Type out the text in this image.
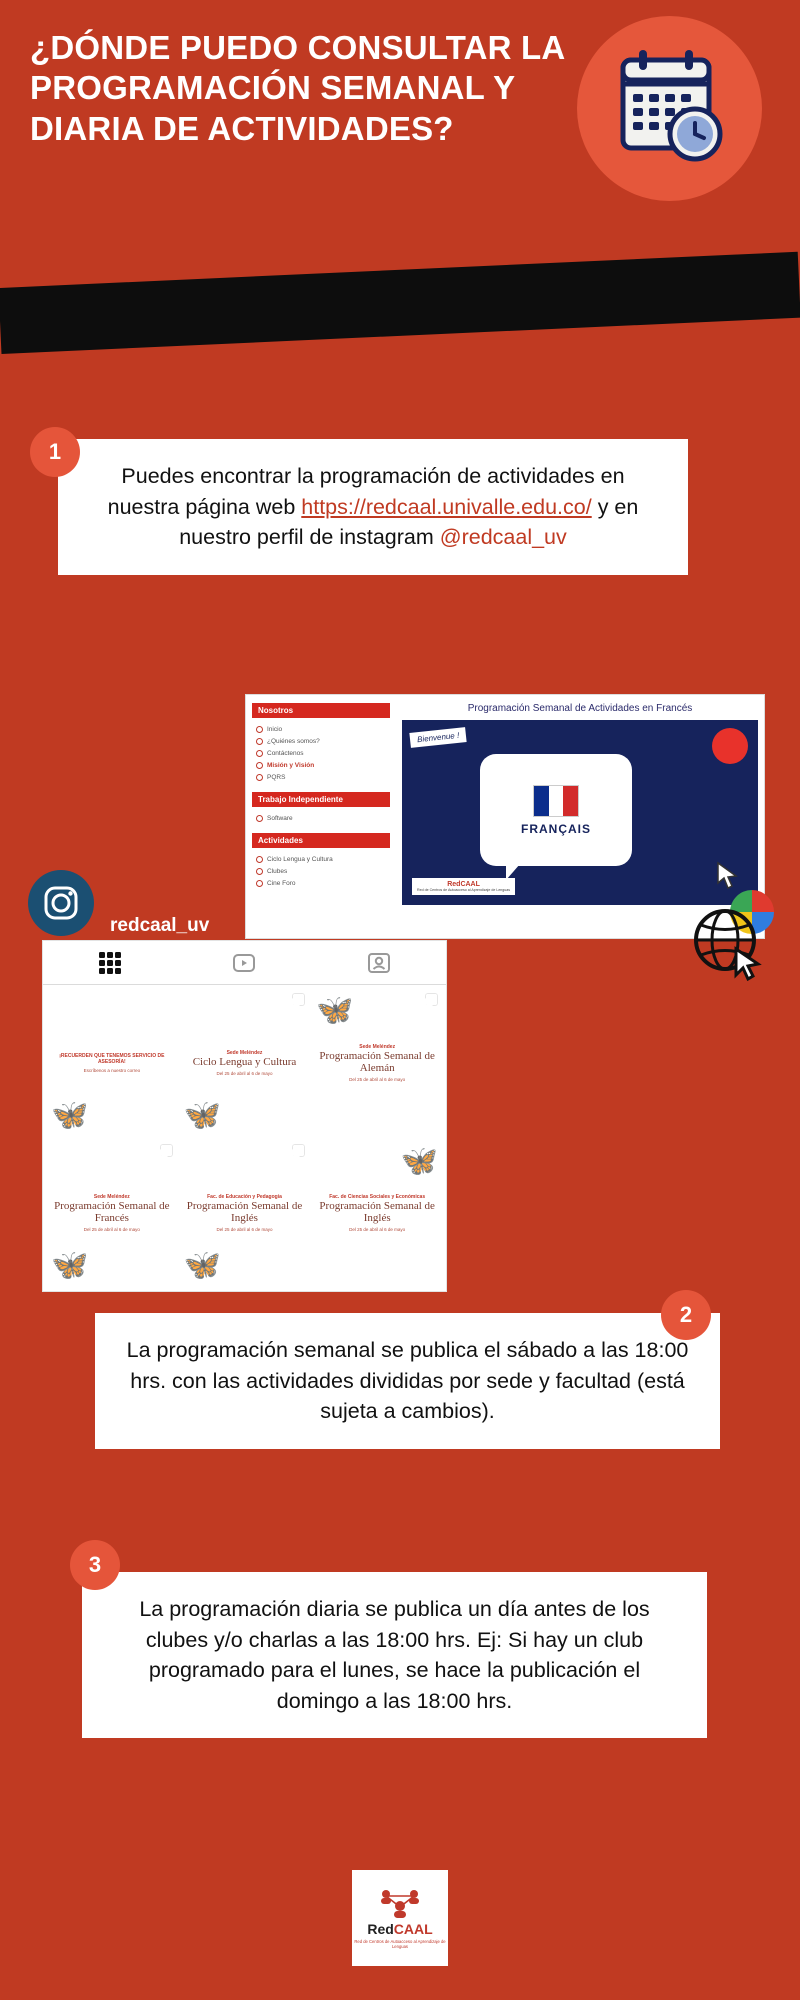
¿DÓNDE PUEDO CONSULTAR LA PROGRAMACIÓN SEMANAL Y DIARIA DE ACTIVIDADES?
1
Puedes encontrar la programación de actividades en nuestra página web https://redcaal.univalle.edu.co/ y en nuestro perfil de instagram @redcaal_uv
Nosotros
Inicio
¿Quiénes somos?
Contáctenos
Misión y Visión
PQRS
Trabajo Independiente
Software
Actividades
Ciclo Lengua y Cultura
Clubes
Cine Foro
Programación Semanal de Actividades en Francés
Bienvenue !
FRANÇAIS
RedCAAL
Red de Centros de Autoacceso al Aprendizaje de Lenguas
redcaal_uv
🦋
¡RECUERDEN QUE TENEMOS SERVICIO DE ASESORÍA!
Escríbenos a nuestro correo
🦋
Sede Meléndez
Ciclo Lengua y Cultura
Del 25 de abril al 6 de mayo
🦋
Sede Meléndez
Programación Semanal de Alemán
Del 25 de abril al 6 de mayo
🦋
Sede Meléndez
Programación Semanal de Francés
Del 25 de abril al 6 de mayo
🦋
Fac. de Educación y Pedagogía
Programación Semanal de Inglés
Del 25 de abril al 6 de mayo
🦋
Fac. de Ciencias Sociales y Económicas
Programación Semanal de Inglés
Del 25 de abril al 6 de mayo
2
La programación semanal se publica el sábado a las 18:00 hrs. con las actividades divididas por sede y facultad (está sujeta a cambios).
3
La programación diaria se publica un día antes de los clubes y/o charlas a las 18:00 hrs. Ej: Si hay un club programado para el lunes, se hace la publicación el domingo a las 18:00 hrs.
RedCAAL
Red de Centros de Autoacceso al Aprendizaje de Lenguas
